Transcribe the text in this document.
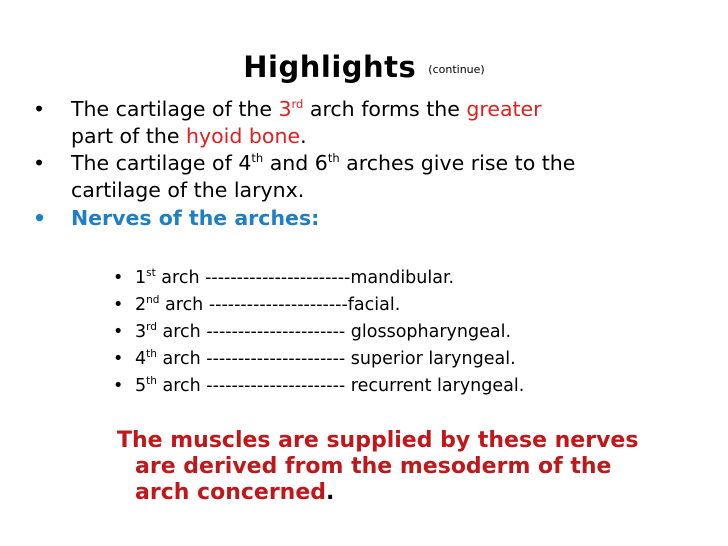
Highlights $^{(continue)}$
• The cartilage of the 3rd arch forms the greater
part of the hyoid bone.
• The cartilage of 4th and 6th arches give rise to the
cartilage of the larynx.
• Nerves of the arches:
• 1st arch -----------------------mandibular.
• 2nd arch ----------------------facial.
• 3rd arch ---------------------- glossopharyngeal.
• 4th arch ---------------------- superior laryngeal.
• 5th arch ---------------------- recurrent laryngeal.
The muscles are supplied by these nerves
are derived from the mesoderm of the
arch concerned.
